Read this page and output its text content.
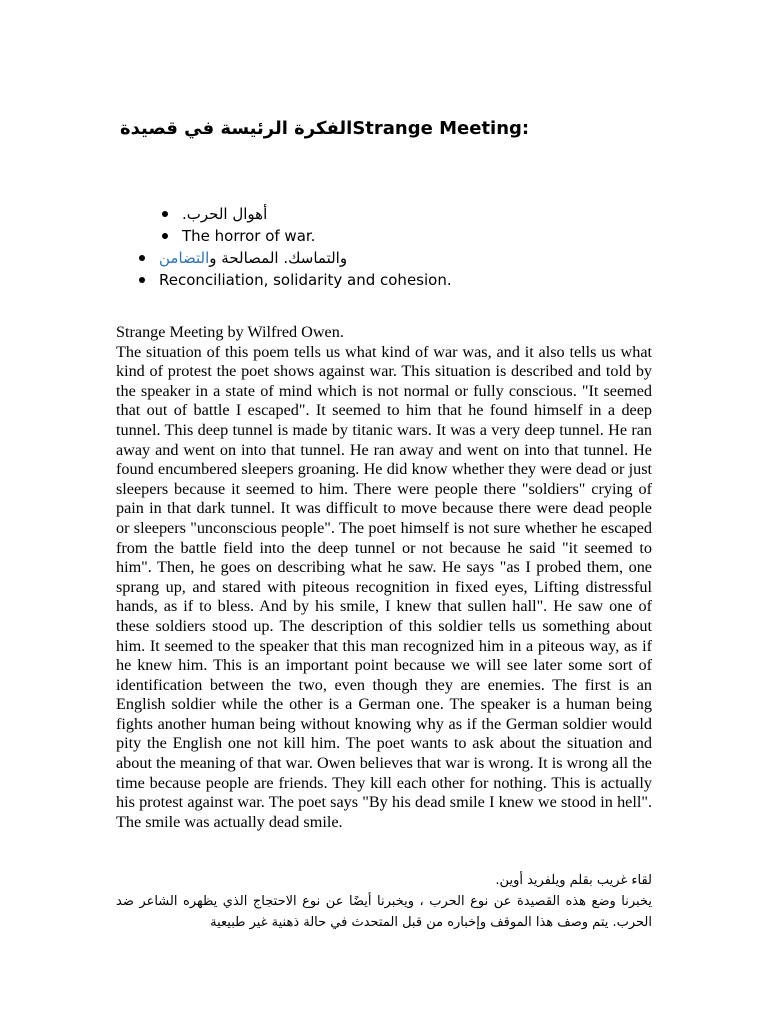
الفكرة الرئيسة في قصيدةStrange Meeting:
أهوال الحرب.
The horror of war.
والتماسك. المصالحة والتضامن
Reconciliation, solidarity and cohesion.

Strange Meeting by Wilfred Owen.

The situation of this poem tells us what kind of war was, and it also tells us what kind of protest the poet shows against war. This situation is described and told by the speaker in a state of mind which is not normal or fully conscious. "It seemed that out of battle I escaped". It seemed to him that he found himself in a deep tunnel. This deep tunnel is made by titanic wars. It was a very deep tunnel. He ran away and went on into that tunnel. He ran away and went on into that tunnel. He found encumbered sleepers groaning. He did know whether they were dead or just sleepers because it seemed to him. There were people there "soldiers" crying of pain in that dark tunnel. It was difficult to move because there were dead people or sleepers "unconscious people". The poet himself is not sure whether he escaped from the battle field into the deep tunnel or not because he said "it seemed to him". Then, he goes on describing what he saw. He says "as I probed them, one sprang up, and stared with piteous recognition in fixed eyes, Lifting distressful hands, as if to bless. And by his smile, I knew that sullen hall". He saw one of these soldiers stood up. The description of this soldier tells us something about him. It seemed to the speaker that this man recognized him in a piteous way, as if he knew him. This is an important point because we will see later some sort of identification between the two, even though they are enemies. The first is an English soldier while the other is a German one. The speaker is a human being fights another human being without knowing why as if the German soldier would pity the English one not kill him. The poet wants to ask about the situation and about the meaning of that war. Owen believes that war is wrong. It is wrong all the time because people are friends. They kill each other for nothing. This is actually his protest against war. The poet says "By his dead smile I knew we stood in hell". The smile was actually dead smile.

لقاء غريب بقلم ويلفريد أوين.

يخبرنا وضع هذه القصيدة عن نوع الحرب ، ويخبرنا أيضًا عن نوع الاحتجاج الذي يظهره الشاعر ضد الحرب. يتم وصف هذا الموقف وإخباره من قبل المتحدث في حالة ذهنية غير طبيعية
